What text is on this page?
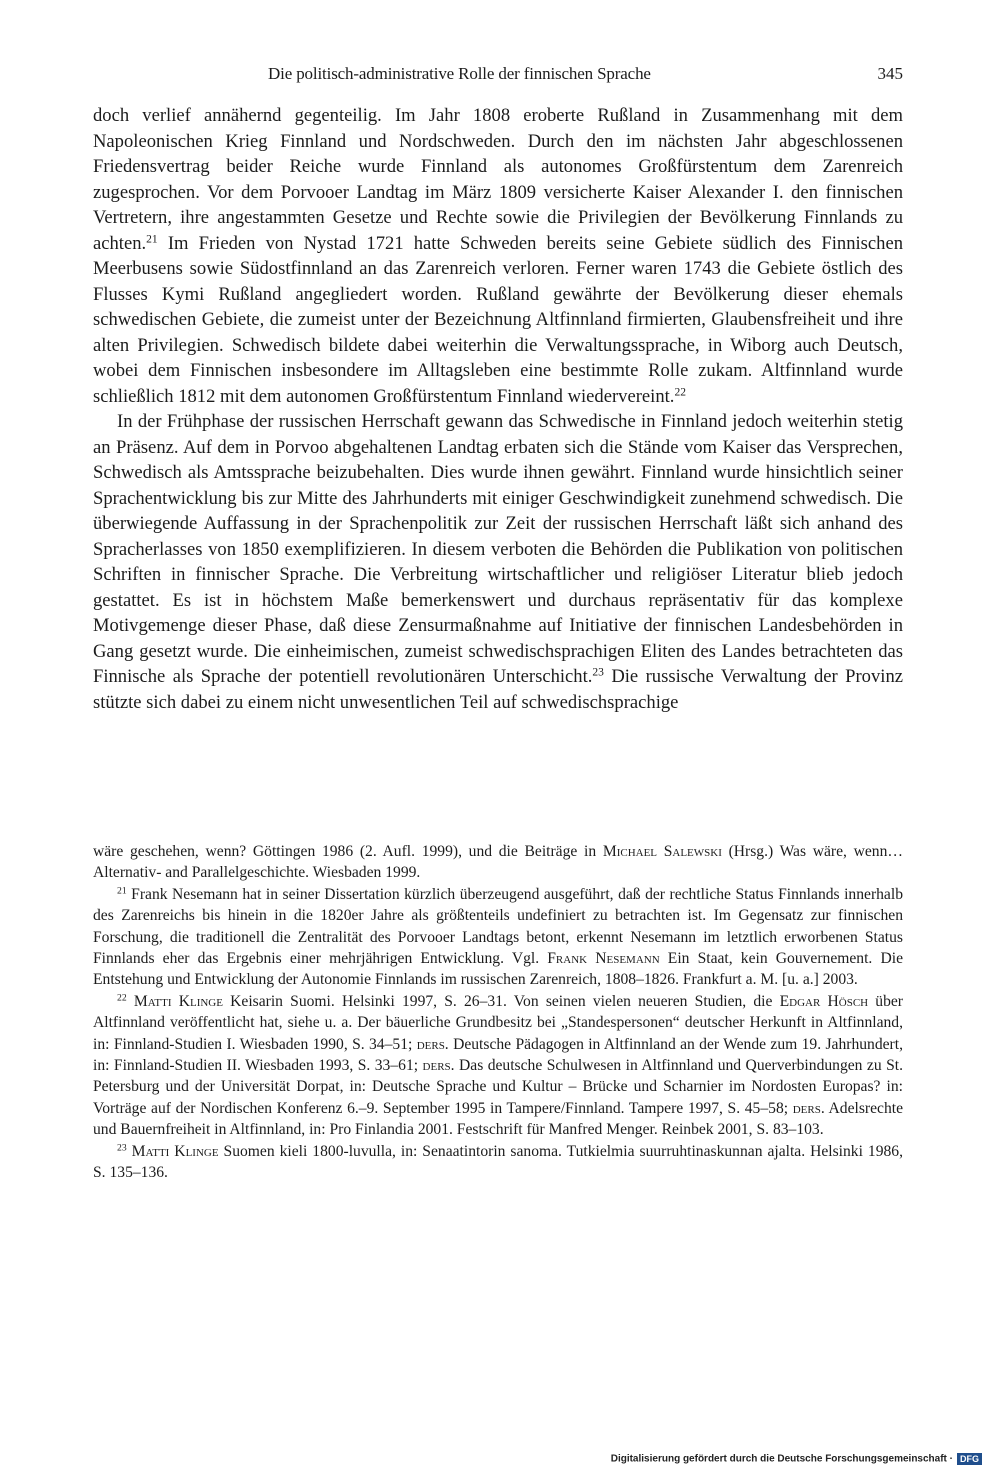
Die politisch-administrative Rolle der finnischen Sprache	345

doch verlief annähernd gegenteilig. Im Jahr 1808 eroberte Rußland in Zusammenhang mit dem Napoleonischen Krieg Finnland und Nordschweden. Durch den im nächsten Jahr abgeschlossenen Friedensvertrag beider Reiche wurde Finnland als autonomes Großfürstentum dem Zarenreich zugesprochen. Vor dem Porvooer Landtag im März 1809 versicherte Kaiser Alexander I. den finnischen Vertretern, ihre angestammten Gesetze und Rechte sowie die Privilegien der Bevölkerung Finnlands zu achten.$^{21}$ Im Frieden von Nystad 1721 hatte Schweden bereits seine Gebiete südlich des Finnischen Meerbusens sowie Südostfinnland an das Zarenreich verloren. Ferner waren 1743 die Gebiete östlich des Flusses Kymi Rußland angegliedert worden. Rußland gewährte der Bevölkerung dieser ehemals schwedischen Gebiete, die zumeist unter der Bezeichnung Altfinnland firmierten, Glaubensfreiheit und ihre alten Privilegien. Schwedisch bildete dabei weiterhin die Verwaltungssprache, in Wiborg auch Deutsch, wobei dem Finnischen insbesondere im Alltagsleben eine bestimmte Rolle zukam. Altfinnland wurde schließlich 1812 mit dem autonomen Großfürstentum Finnland wiedervereint.$^{22}$

In der Frühphase der russischen Herrschaft gewann das Schwedische in Finnland jedoch weiterhin stetig an Präsenz. Auf dem in Porvoo abgehaltenen Landtag erbaten sich die Stände vom Kaiser das Versprechen, Schwedisch als Amtssprache beizubehalten. Dies wurde ihnen gewährt. Finnland wurde hinsichtlich seiner Sprachentwicklung bis zur Mitte des Jahrhunderts mit einiger Geschwindigkeit zunehmend schwedisch. Die überwiegende Auffassung in der Sprachenpolitik zur Zeit der russischen Herrschaft läßt sich anhand des Spracherlasses von 1850 exemplifizieren. In diesem verboten die Behörden die Publikation von politischen Schriften in finnischer Sprache. Die Verbreitung wirtschaftlicher und religiöser Literatur blieb jedoch gestattet. Es ist in höchstem Maße bemerkenswert und durchaus repräsentativ für das komplexe Motivgemenge dieser Phase, daß diese Zensurmaßnahme auf Initiative der finnischen Landesbehörden in Gang gesetzt wurde. Die einheimischen, zumeist schwedischsprachigen Eliten des Landes betrachteten das Finnische als Sprache der potentiell revolutionären Unterschicht.$^{23}$ Die russische Verwaltung der Provinz stützte sich dabei zu einem nicht unwesentlichen Teil auf schwedischsprachige

wäre geschehen, wenn? Göttingen 1986 (2. Aufl. 1999), und die Beiträge in Michael Salewski (Hrsg.) Was wäre, wenn… Alternativ- and Parallelgeschichte. Wiesbaden 1999.

$^{21}$ Frank Nesemann hat in seiner Dissertation kürzlich überzeugend ausgeführt, daß der rechtliche Status Finnlands innerhalb des Zarenreichs bis hinein in die 1820er Jahre als größtenteils undefiniert zu betrachten ist. Im Gegensatz zur finnischen Forschung, die traditionell die Zentralität des Porvooer Landtags betont, erkennt Nesemann im letztlich erworbenen Status Finnlands eher das Ergebnis einer mehrjährigen Entwicklung. Vgl. Frank Nesemann Ein Staat, kein Gouvernement. Die Entstehung und Entwicklung der Autonomie Finnlands im russischen Zarenreich, 1808–1826. Frankfurt a. M. [u. a.] 2003.

$^{22}$ Matti Klinge Keisarin Suomi. Helsinki 1997, S. 26–31. Von seinen vielen neueren Studien, die Edgar Hösch über Altfinnland veröffentlicht hat, siehe u. a. Der bäuerliche Grundbesitz bei „Standespersonen“ deutscher Herkunft in Altfinnland, in: Finnland-Studien I. Wiesbaden 1990, S. 34–51; ders. Deutsche Pädagogen in Altfinnland an der Wende zum 19. Jahrhundert, in: Finnland-Studien II. Wiesbaden 1993, S. 33–61; ders. Das deutsche Schulwesen in Altfinnland und Querverbindungen zu St. Petersburg und der Universität Dorpat, in: Deutsche Sprache und Kultur – Brücke und Scharnier im Nordosten Europas? in: Vorträge auf der Nordischen Konferenz 6.–9. September 1995 in Tampere/Finnland. Tampere 1997, S. 45–58; ders. Adelsrechte und Bauernfreiheit in Altfinnland, in: Pro Finlandia 2001. Festschrift für Manfred Menger. Reinbek 2001, S. 83–103.

$^{23}$ Matti Klinge Suomen kieli 1800-luvulla, in: Senaatintorin sanoma. Tutkielmia suurruhtinaskunnan ajalta. Helsinki 1986, S. 135–136.

Digitalisierung gefördert durch die Deutsche Forschungsgemeinschaft · DFG
